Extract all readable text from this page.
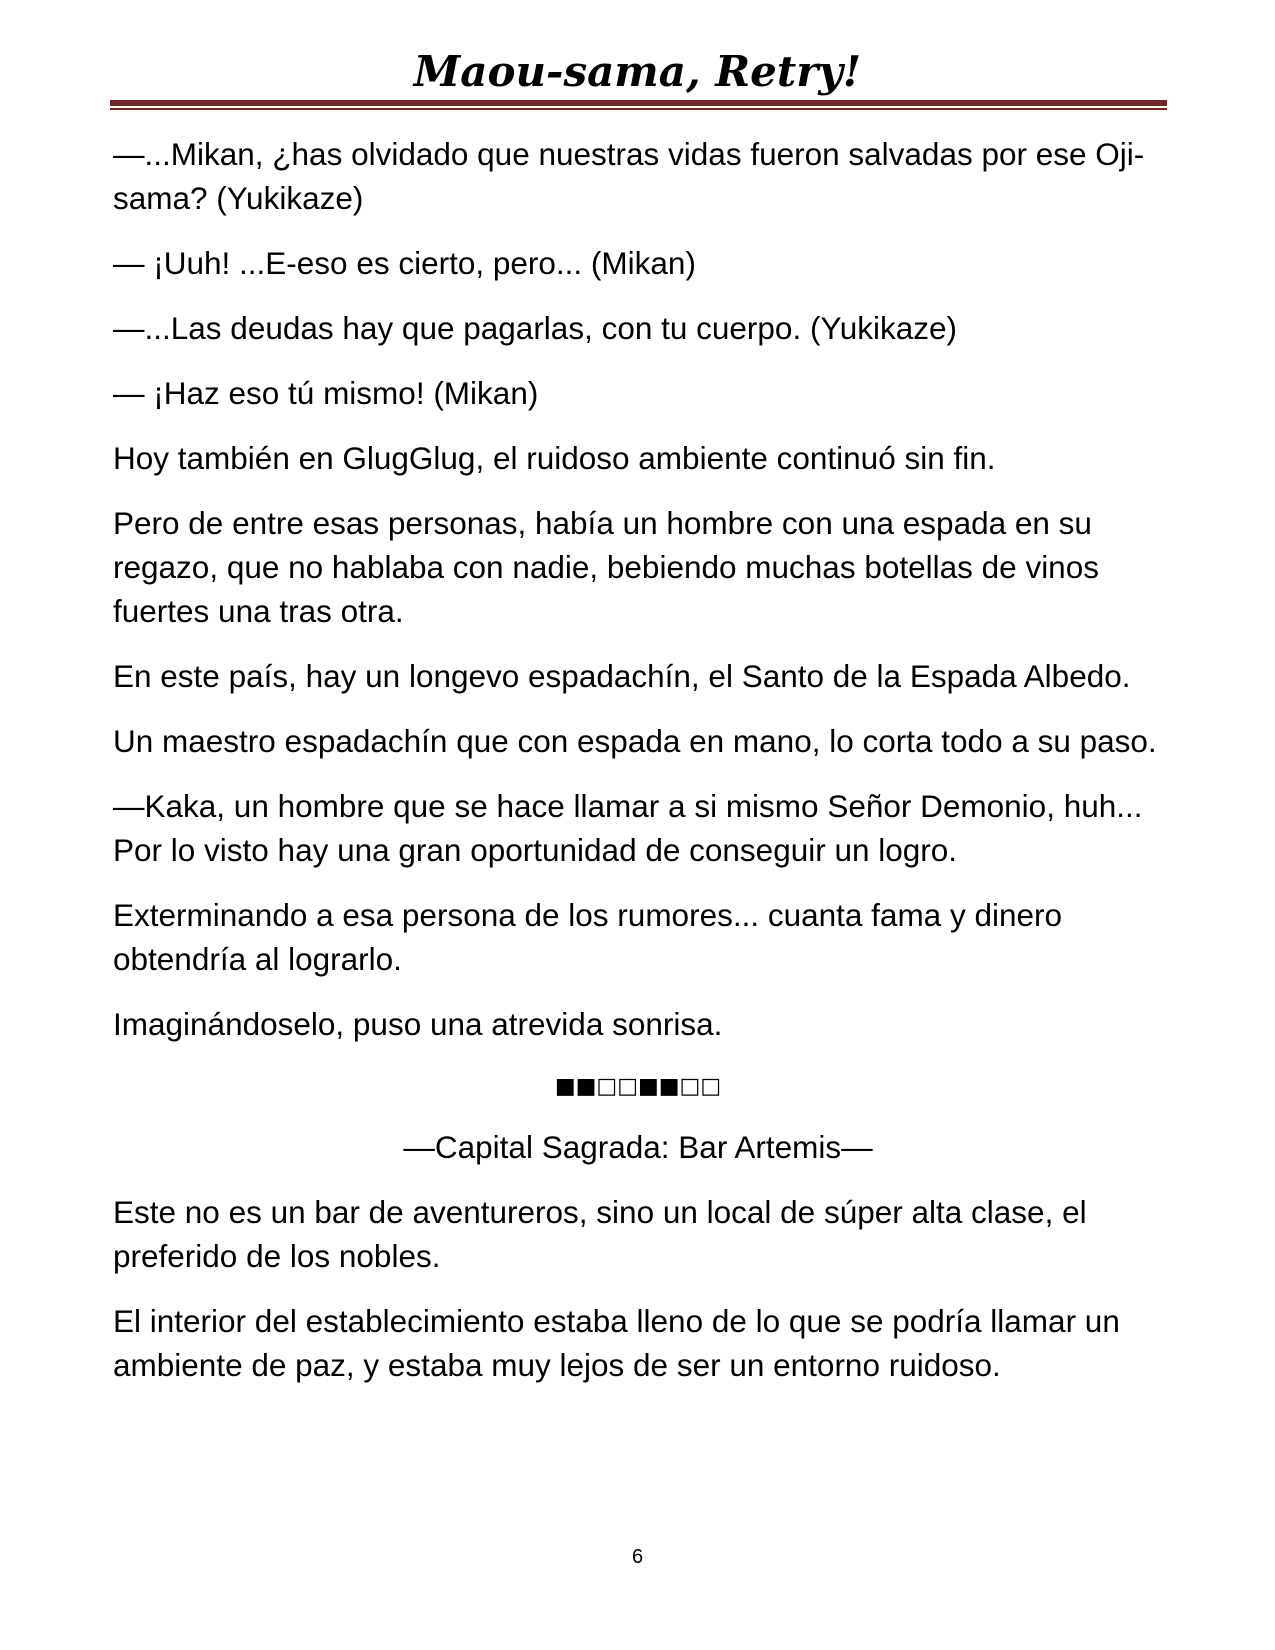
Maou-sama, Retry!

—...Mikan, ¿has olvidado que nuestras vidas fueron salvadas por ese Oji-sama? (Yukikaze)

— ¡Uuh! ...E-eso es cierto, pero... (Mikan)

—...Las deudas hay que pagarlas, con tu cuerpo. (Yukikaze)

— ¡Haz eso tú mismo! (Mikan)

Hoy también en GlugGlug, el ruidoso ambiente continuó sin fin.

Pero de entre esas personas, había un hombre con una espada en su regazo, que no hablaba con nadie, bebiendo muchas botellas de vinos fuertes una tras otra.

En este país, hay un longevo espadachín, el Santo de la Espada Albedo.

Un maestro espadachín que con espada en mano, lo corta todo a su paso.

—Kaka, un hombre que se hace llamar a si mismo Señor Demonio, huh... Por lo visto hay una gran oportunidad de conseguir un logro.

Exterminando a esa persona de los rumores... cuanta fama y dinero obtendría al lograrlo.

Imaginándoselo, puso una atrevida sonrisa.

■■□□■■□□

—Capital Sagrada: Bar Artemis—

Este no es un bar de aventureros, sino un local de súper alta clase, el preferido de los nobles.

El interior del establecimiento estaba lleno de lo que se podría llamar un ambiente de paz, y estaba muy lejos de ser un entorno ruidoso.

6
